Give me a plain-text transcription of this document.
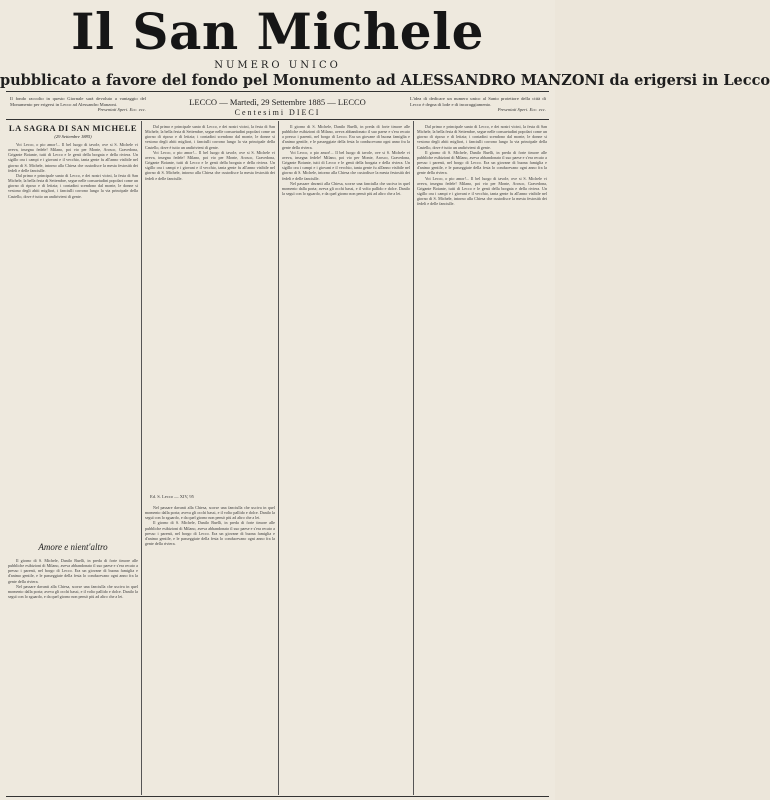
Il San Michele
NUMERO UNICO
pubblicato a favore del fondo pel Monumento ad ALESSANDRO MANZONI da erigersi in Lecco
Il fondo raccolto in questo Giornale sarà devoluto a vantaggio del Monumento per erigersi in Lecco ad Alessandro Manzoni.
Presentati Speri. Ecc. ecc.
L'idea di dedicare un numero unico al Santo protettore della città di Lecco è degna di lode e di incoraggiamento.
Presentati Speri. Ecc. ecc.
LECCO — Martedì, 29 Settembre 1885 — LECCO
Centesimi DIECI
LA SAGRA DI SAN MICHELE
(29 Settembre 1885)

Voi Lecco, o pio amor!... Il bel luogo di tavole, ove si S. Michele vi aveva, insegna fedele! Milano, poi vio per Monte, Arosco, Gravedona, Grigante Boiante, tutti di Lecco e le genti della borgata e della riviera. Un sigillo ora i campi e i giovani e il vecchio, tanta gente fu all'anno visibile nel giorno di S. Michele, intorno alla Chiesa che custodisce la mesta festosità dei fedeli e delle fanciulle.

Dal primo e principale santo di Lecco, e dei nostri vicini, la festa di San Michele, la bella festa di Settembre, segue nelle consuetudini popolari come un giorno di riposo e di letizia; i contadini scendono dal monte, le donne si vestono degli abiti migliori, i fanciulli corrono lungo la via principale della Castello, dove è tutto un andirivieni di gente.

Amore e nient'altro

Il giorno di S. Michele, Danilo Buelli, in preda di forte timore alle pubbliche esibizioni di Milano, aveva abbandonato il suo paese e s'era recato a presso i parenti, nel borgo di Lecco. Era un giovane di buona famiglia e d'animo gentile, e le passeggiate della festa lo conducevano ogni anno fra la gente della riviera.

Nel passare davanti alla Chiesa, scorse una fanciulla che usciva in quel momento dalla porta; aveva gli occhi bassi, e il volto pallido e dolce. Danilo la seguì con lo sguardo, e da quel giorno non pensò più ad altro che a lei.

Dal primo e principale santo di Lecco, e dei nostri vicini, la festa di San Michele, la bella festa di Settembre, segue nelle consuetudini popolari come un giorno di riposo e di letizia; i contadini scendono dal monte, le donne si vestono degli abiti migliori, i fanciulli corrono lungo la via principale della Castello, dove è tutto un andirivieni di gente.

Voi Lecco, o pio amor!... Il bel luogo di tavole, ove si S. Michele vi aveva, insegna fedele! Milano, poi vio per Monte, Arosco, Gravedona, Grigante Boiante, tutti di Lecco e le genti della borgata e della riviera. Un sigillo ora i campi e i giovani e il vecchio, tanta gente fu all'anno visibile nel giorno di S. Michele, intorno alla Chiesa che custodisce la mesta festosità dei fedeli e delle fanciulle.

Ed. S. Lecco — XIV, 95

Nel passare davanti alla Chiesa, scorse una fanciulla che usciva in quel momento dalla porta; aveva gli occhi bassi, e il volto pallido e dolce. Danilo la seguì con lo sguardo, e da quel giorno non pensò più ad altro che a lei.

Il giorno di S. Michele, Danilo Buelli, in preda di forte timore alle pubbliche esibizioni di Milano, aveva abbandonato il suo paese e s'era recato a presso i parenti, nel borgo di Lecco. Era un giovane di buona famiglia e d'animo gentile, e le passeggiate della festa lo conducevano ogni anno fra la gente della riviera.

Il giorno di S. Michele, Danilo Buelli, in preda di forte timore alle pubbliche esibizioni di Milano, aveva abbandonato il suo paese e s'era recato a presso i parenti, nel borgo di Lecco. Era un giovane di buona famiglia e d'animo gentile, e le passeggiate della festa lo conducevano ogni anno fra la gente della riviera.

Voi Lecco, o pio amor!... Il bel luogo di tavole, ove si S. Michele vi aveva, insegna fedele! Milano, poi vio per Monte, Arosco, Gravedona, Grigante Boiante, tutti di Lecco e le genti della borgata e della riviera. Un sigillo ora i campi e i giovani e il vecchio, tanta gente fu all'anno visibile nel giorno di S. Michele, intorno alla Chiesa che custodisce la mesta festosità dei fedeli e delle fanciulle.

Nel passare davanti alla Chiesa, scorse una fanciulla che usciva in quel momento dalla porta; aveva gli occhi bassi, e il volto pallido e dolce. Danilo la seguì con lo sguardo, e da quel giorno non pensò più ad altro che a lei.

Dal primo e principale santo di Lecco, e dei nostri vicini, la festa di San Michele, la bella festa di Settembre, segue nelle consuetudini popolari come un giorno di riposo e di letizia; i contadini scendono dal monte, le donne si vestono degli abiti migliori, i fanciulli corrono lungo la via principale della Castello, dove è tutto un andirivieni di gente.

Il giorno di S. Michele, Danilo Buelli, in preda di forte timore alle pubbliche esibizioni di Milano, aveva abbandonato il suo paese e s'era recato a presso i parenti, nel borgo di Lecco. Era un giovane di buona famiglia e d'animo gentile, e le passeggiate della festa lo conducevano ogni anno fra la gente della riviera.

Voi Lecco, o pio amor!... Il bel luogo di tavole, ove si S. Michele vi aveva, insegna fedele! Milano, poi vio per Monte, Arosco, Gravedona, Grigante Boiante, tutti di Lecco e le genti della borgata e della riviera. Un sigillo ora i campi e i giovani e il vecchio, tanta gente fu all'anno visibile nel giorno di S. Michele, intorno alla Chiesa che custodisce la mesta festosità dei fedeli e delle fanciulle.
